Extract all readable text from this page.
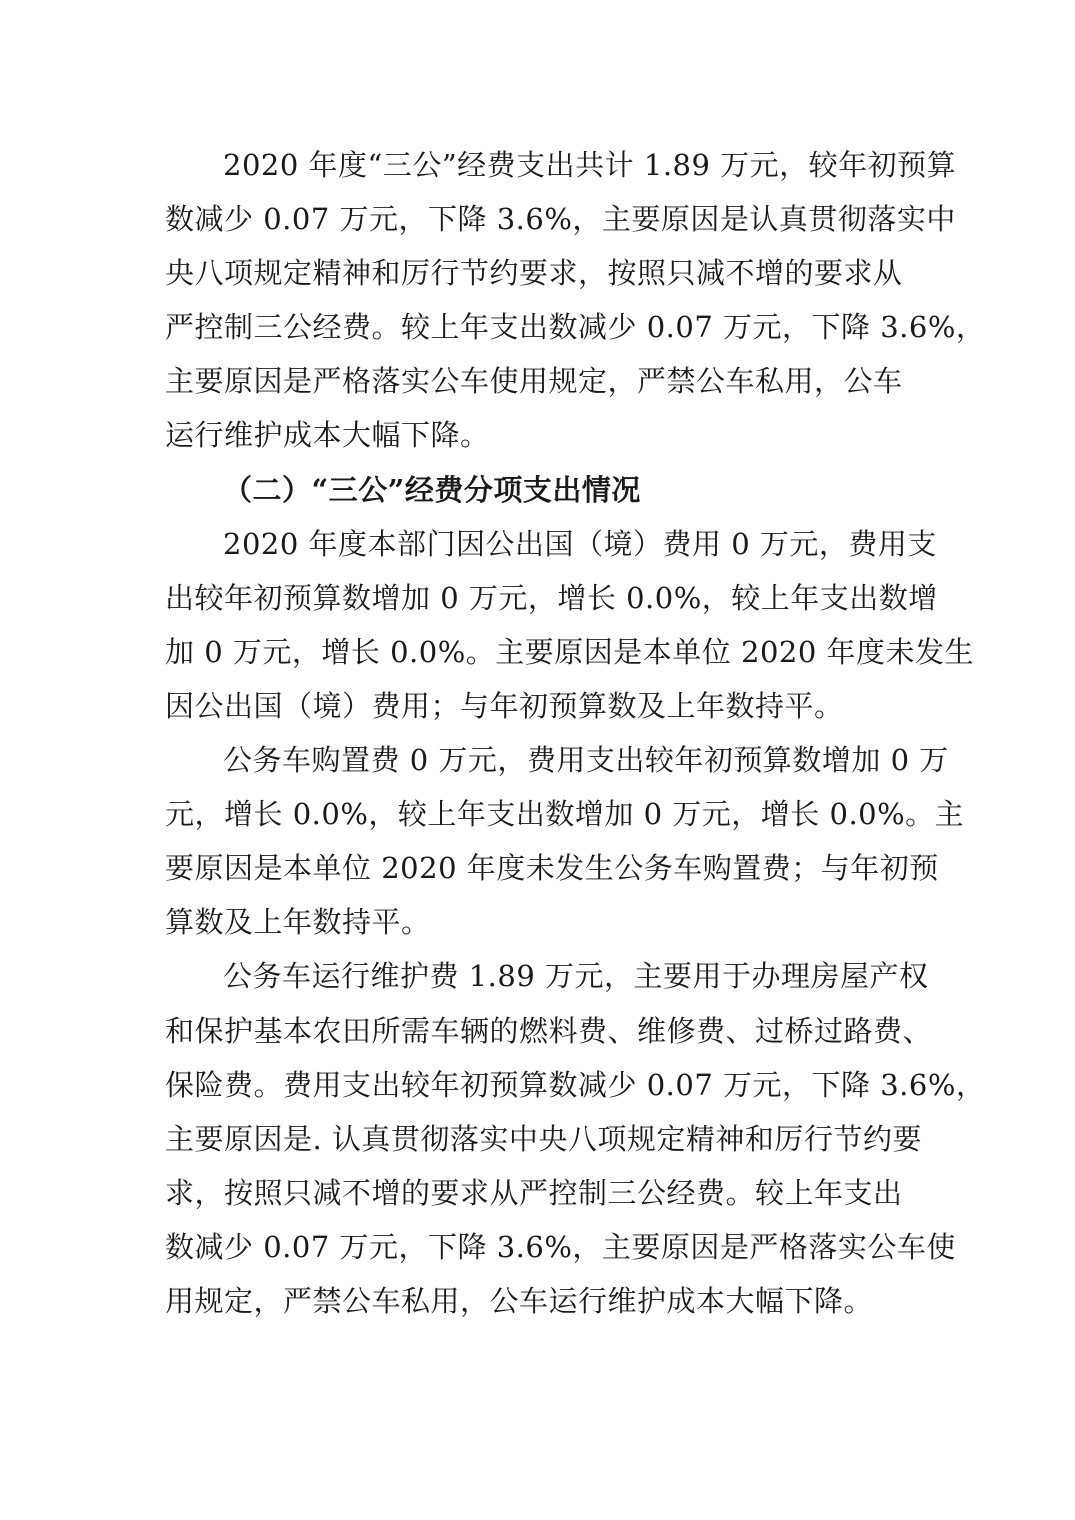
2020 年度“三公”经费支出共计 1.89 万元，较年初预算
数减少 0.07 万元，下降 3.6%，主要原因是认真贯彻落实中
央八项规定精神和厉行节约要求，按照只减不增的要求从
严控制三公经费。较上年支出数减少 0.07 万元，下降 3.6%，
主要原因是严格落实公车使用规定，严禁公车私用，公车
运行维护成本大幅下降。
（二）“三公”经费分项支出情况
2020 年度本部门因公出国（境）费用 0 万元，费用支
出较年初预算数增加 0 万元，增长 0.0%，较上年支出数增
加 0 万元，增长 0.0%。主要原因是本单位 2020 年度未发生
因公出国（境）费用；与年初预算数及上年数持平。
公务车购置费 0 万元，费用支出较年初预算数增加 0 万
元，增长 0.0%，较上年支出数增加 0 万元，增长 0.0%。主
要原因是本单位 2020 年度未发生公务车购置费；与年初预
算数及上年数持平。
公务车运行维护费 1.89 万元，主要用于办理房屋产权
和保护基本农田所需车辆的燃料费、维修费、过桥过路费、
保险费。费用支出较年初预算数减少 0.07 万元，下降 3.6%，
主要原因是. 认真贯彻落实中央八项规定精神和厉行节约要
求，按照只减不增的要求从严控制三公经费。较上年支出
数减少 0.07 万元，下降 3.6%，主要原因是严格落实公车使
用规定，严禁公车私用，公车运行维护成本大幅下降。
